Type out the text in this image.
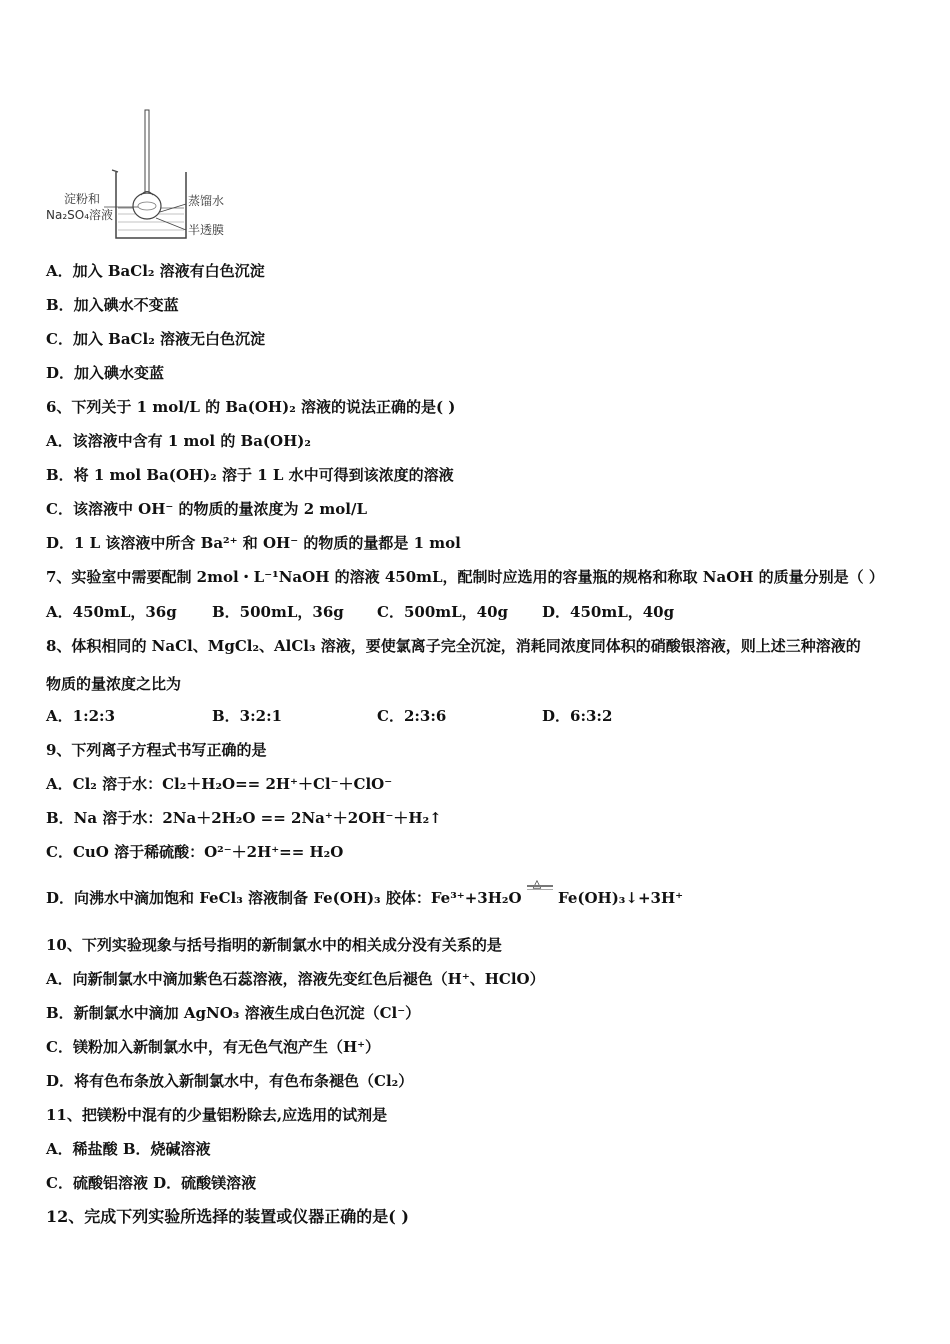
淀粉和
Na₂SO₄溶液
蒸馏水
半透膜
A．加入 BaCl₂ 溶液有白色沉淀
B．加入碘水不变蓝
C．加入 BaCl₂ 溶液无白色沉淀
D．加入碘水变蓝
6、下列关于 1 mol/L 的 Ba(OH)₂ 溶液的说法正确的是( )
A．该溶液中含有 1 mol 的 Ba(OH)₂
B．将 1 mol Ba(OH)₂ 溶于 1 L 水中可得到该浓度的溶液
C．该溶液中 OH⁻ 的物质的量浓度为 2 mol/L
D．1 L 该溶液中所含 Ba²⁺ 和 OH⁻ 的物质的量都是 1 mol
7、实验室中需要配制 2mol・L⁻¹NaOH 的溶液 450mL，配制时应选用的容量瓶的规格和称取 NaOH 的质量分别是（ ）
A．450mL，36g B．500mL，36g C．500mL，40g D．450mL，40g
8、体积相同的 NaCl、MgCl₂、AlCl₃ 溶液，要使氯离子完全沉淀，消耗同浓度同体积的硝酸银溶液，则上述三种溶液的
物质的量浓度之比为
A．1:2:3	B．3:2:1	C．2:3:6	D．6:3:2
9、下列离子方程式书写正确的是
A．Cl₂ 溶于水：Cl₂＋H₂O== 2H⁺＋Cl⁻＋ClO⁻
B．Na 溶于水：2Na＋2H₂O == 2Na⁺＋2OH⁻＋H₂↑
C．CuO 溶于稀硫酸：O²⁻＋2H⁺== H₂O
D．向沸水中滴加饱和 FeCl₃ 溶液制备 Fe(OH)₃ 胶体：Fe³⁺+3H₂O
△
Fe(OH)₃↓+3H⁺
10、下列实验现象与括号指明的新制氯水中的相关成分没有关系的是
A．向新制氯水中滴加紫色石蕊溶液，溶液先变红色后褪色（H⁺、HClO）
B．新制氯水中滴加 AgNO₃ 溶液生成白色沉淀（Cl⁻）
C．镁粉加入新制氯水中，有无色气泡产生（H⁺）
D．将有色布条放入新制氯水中，有色布条褪色（Cl₂）
11、把镁粉中混有的少量铝粉除去,应选用的试剂是
A．稀盐酸 B．烧碱溶液
C．硫酸铝溶液 D．硫酸镁溶液
12、完成下列实验所选择的装置或仪器正确的是( )
